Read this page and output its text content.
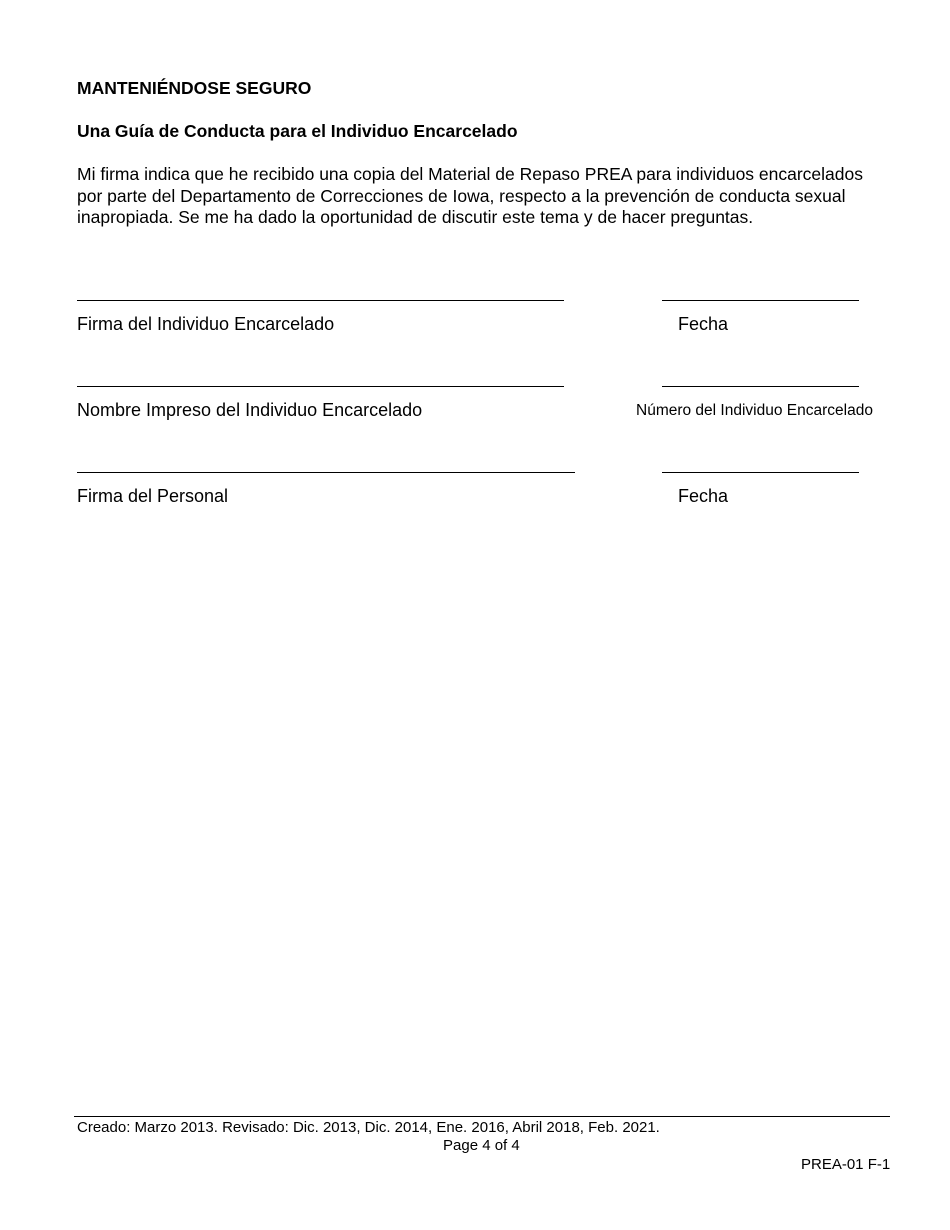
MANTENIÉNDOSE SEGURO
Una Guía de Conducta para el Individuo Encarcelado
Mi firma indica que he recibido una copia del Material de Repaso PREA para individuos encarcelados por parte del Departamento de Correcciones de Iowa, respecto a la prevención de conducta sexual inapropiada. Se me ha dado la oportunidad de discutir este tema y de hacer preguntas.
Firma del Individuo Encarcelado	Fecha
Nombre Impreso del Individuo Encarcelado	Número del Individuo Encarcelado
Firma del Personal	Fecha
Creado: Marzo 2013. Revisado: Dic. 2013, Dic. 2014, Ene. 2016, Abril 2018, Feb. 2021.
Page 4 of 4
PREA-01 F-1
